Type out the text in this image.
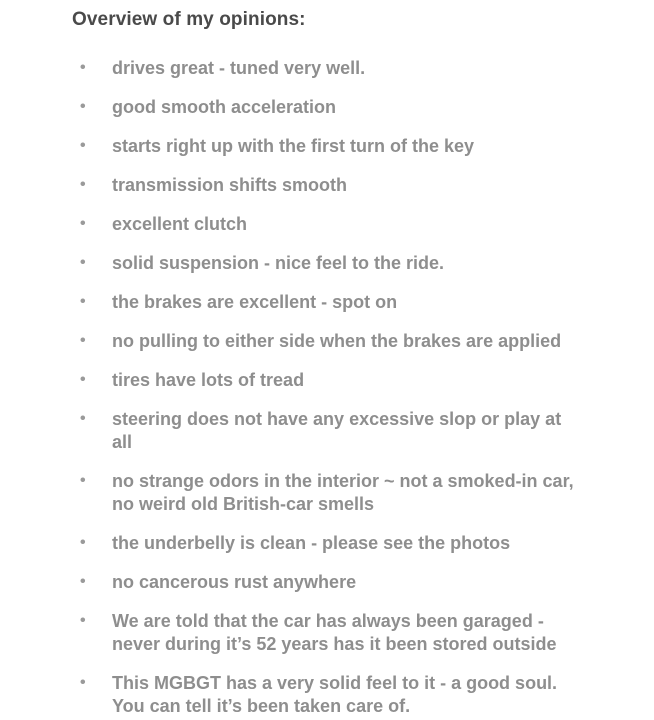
Overview of my opinions:
• drives great - tuned very well.
• good smooth acceleration
• starts right up with the first turn of the key
• transmission shifts smooth
• excellent clutch
• solid suspension - nice feel to the ride.
• the brakes are excellent - spot on
• no pulling to either side when the brakes are applied
• tires have lots of tread
• steering does not have any excessive slop or play at all
• no strange odors in the interior ~ not a smoked-in car, no weird old British-car smells
• the underbelly is clean - please see the photos
• no cancerous rust anywhere
• We are told that the car has always been garaged - never during it’s 52 years has it been stored outside
• This MGBGT has a very solid feel to it - a good soul. You can tell it’s been taken care of.
